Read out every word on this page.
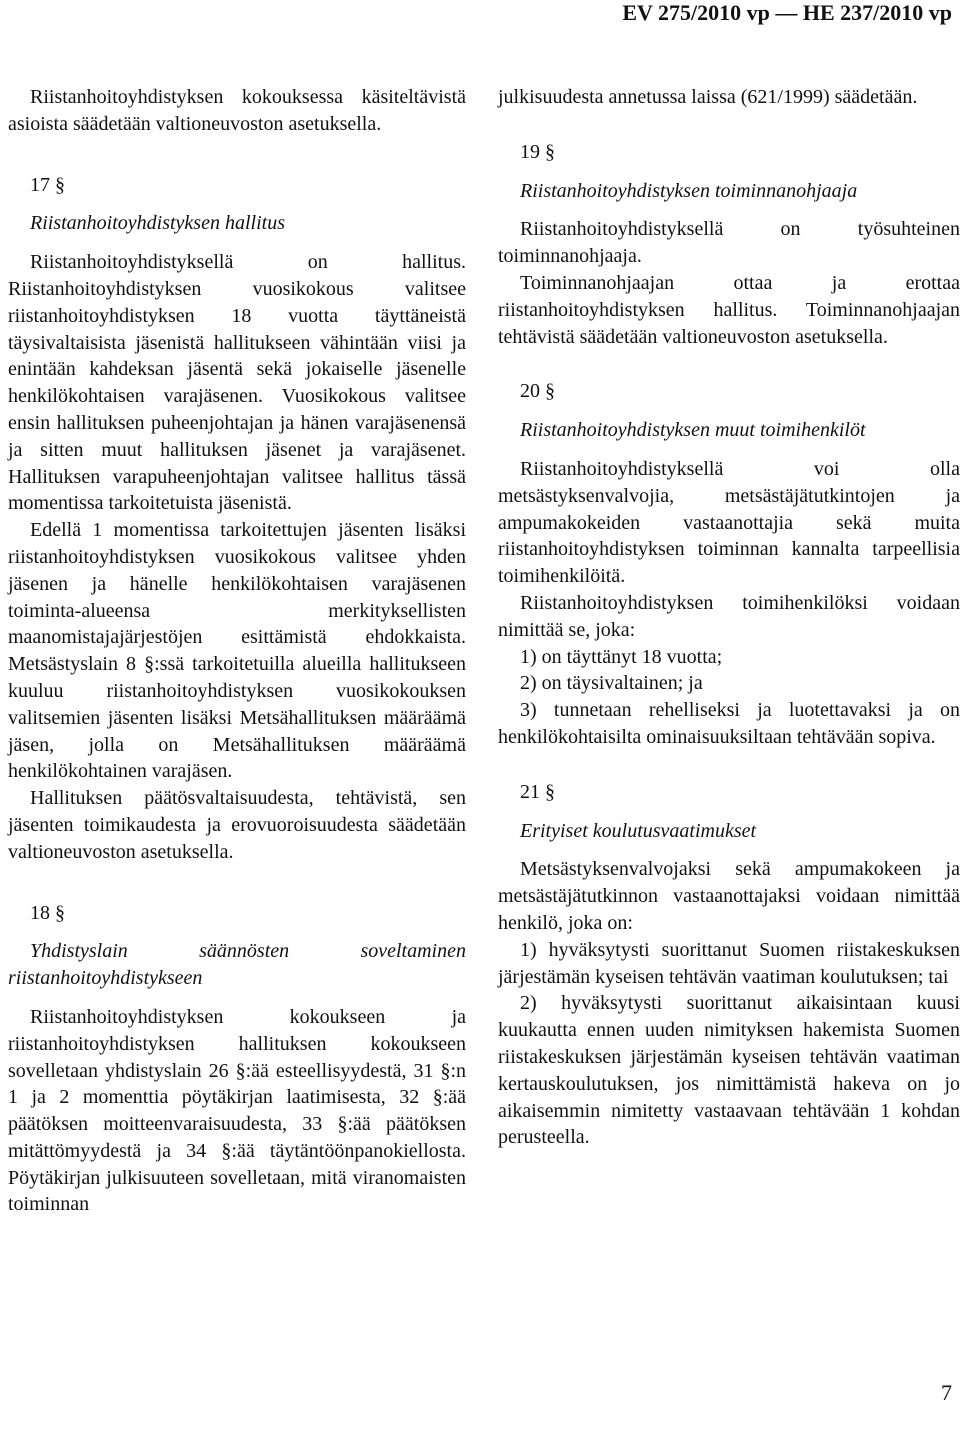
EV 275/2010 vp — HE 237/2010 vp

Riistanhoitoyhdistyksen kokouksessa käsiteltävistä asioista säädetään valtioneuvoston asetuksella.

17 §

Riistanhoitoyhdistyksen hallitus

Riistanhoitoyhdistyksellä on hallitus. Riistanhoitoyhdistyksen vuosikokous valitsee riistanhoitoyhdistyksen 18 vuotta täyttäneistä täysivaltaisista jäsenistä hallitukseen vähintään viisi ja enintään kahdeksan jäsentä sekä jokaiselle jäsenelle henkilökohtaisen varajäsenen. Vuosikokous valitsee ensin hallituksen puheenjohtajan ja hänen varajäsenensä ja sitten muut hallituksen jäsenet ja varajäsenet. Hallituksen varapuheenjohtajan valitsee hallitus tässä momentissa tarkoitetuista jäsenistä.

Edellä 1 momentissa tarkoitettujen jäsenten lisäksi riistanhoitoyhdistyksen vuosikokous valitsee yhden jäsenen ja hänelle henkilökohtaisen varajäsenen toiminta-alueensa merkityksellisten maanomistajajärjestöjen esittämistä ehdokkaista. Metsästyslain 8 §:ssä tarkoitetuilla alueilla hallitukseen kuuluu riistanhoitoyhdistyksen vuosikokouksen valitsemien jäsenten lisäksi Metsähallituksen määräämä jäsen, jolla on Metsähallituksen määräämä henkilökohtainen varajäsen.

Hallituksen päätösvaltaisuudesta, tehtävistä, sen jäsenten toimikaudesta ja erovuoroisuudesta säädetään valtioneuvoston asetuksella.

18 §

Yhdistyslain säännösten soveltaminen riistanhoitoyhdistykseen

Riistanhoitoyhdistyksen kokoukseen ja riistanhoitoyhdistyksen hallituksen kokoukseen sovelletaan yhdistyslain 26 §:ää esteellisyydestä, 31 §:n 1 ja 2 momenttia pöytäkirjan laatimisesta, 32 §:ää päätöksen moitteenvaraisuudesta, 33 §:ää päätöksen mitättömyydestä ja 34 §:ää täytäntöönpanokiellosta. Pöytäkirjan julkisuuteen sovelletaan, mitä viranomaisten toiminnan

julkisuudesta annetussa laissa (621/1999) säädetään.

19 §

Riistanhoitoyhdistyksen toiminnanohjaaja

Riistanhoitoyhdistyksellä on työsuhteinen toiminnanohjaaja.

Toiminnanohjaajan ottaa ja erottaa riistanhoitoyhdistyksen hallitus. Toiminnanohjaajan tehtävistä säädetään valtioneuvoston asetuksella.

20 §

Riistanhoitoyhdistyksen muut toimihenkilöt

Riistanhoitoyhdistyksellä voi olla metsästyksenvalvojia, metsästäjätutkintojen ja ampumakokeiden vastaanottajia sekä muita riistanhoitoyhdistyksen toiminnan kannalta tarpeellisia toimihenkilöitä.

Riistanhoitoyhdistyksen toimihenkilöksi voidaan nimittää se, joka:

1) on täyttänyt 18 vuotta;

2) on täysivaltainen; ja

3) tunnetaan rehelliseksi ja luotettavaksi ja on henkilökohtaisilta ominaisuuksiltaan tehtävään sopiva.

21 §

Erityiset koulutusvaatimukset

Metsästyksenvalvojaksi sekä ampumakokeen ja metsästäjätutkinnon vastaanottajaksi voidaan nimittää henkilö, joka on:

1) hyväksytysti suorittanut Suomen riistakeskuksen järjestämän kyseisen tehtävän vaatiman koulutuksen; tai

2) hyväksytysti suorittanut aikaisintaan kuusi kuukautta ennen uuden nimityksen hakemista Suomen riistakeskuksen järjestämän kyseisen tehtävän vaatiman kertauskoulutuksen, jos nimittämistä hakeva on jo aikaisemmin nimitetty vastaavaan tehtävään 1 kohdan perusteella.

7
